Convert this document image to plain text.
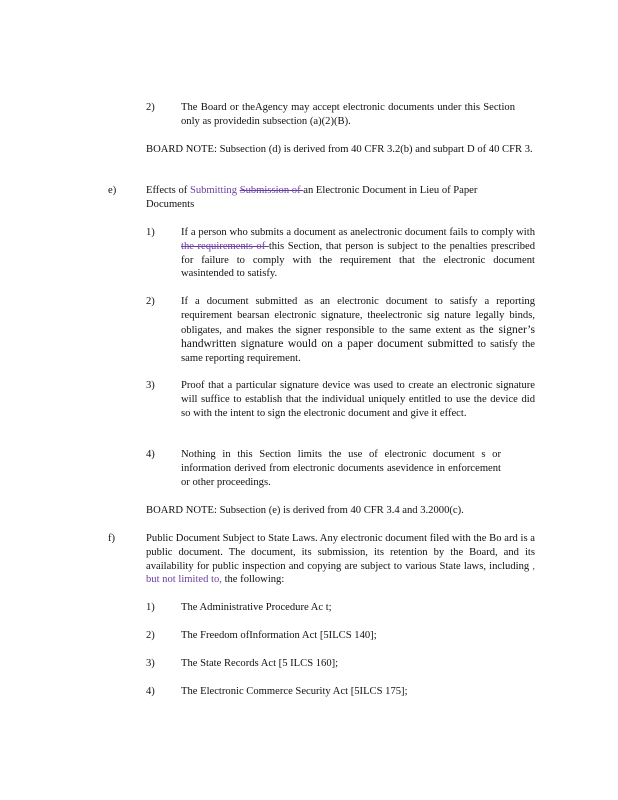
2) The Board or theAgency may accept electronic documents under this Section only as providedin subsection (a)(2)(B).
BOARD NOTE: Subsection (d) is derived from 40 CFR 3.2(b) and subpart D of 40 CFR 3.
e)	Effects of Submitting Submission of an Electronic Document in Lieu of Paper Documents
1) If a person who submits a document as anelectronic document fails to comply with the requirements of this Section, that person is subject to the penalties prescribed for failure to comply with the requirement that the electronic document wasintended to satisfy.
2) If a document submitted as an electronic document to satisfy a reporting requirement bearsan electronic signature, theelectronic sig nature legally binds, obligates, and makes the signer responsible to the same extent as the signer’s handwritten signature would on a paper document submitted to satisfy the same reporting requirement.
3) Proof that a particular signature device was used to create an electronic signature will suffice to establish that the individual uniquely entitled to use the device did so with the intent to sign the electronic document and give it effect.
4) Nothing in this Section limits the use of electronic document s or information derived from electronic documents asevidence in enforcement or other proceedings.
BOARD NOTE: Subsection (e) is derived from 40 CFR 3.4 and 3.2000(c).
f)	Public Document Subject to State Laws. Any electronic document filed with the Bo ard is a public document. The document, its submission, its retention by the Board, and its availability for public inspection and copying are subject to various State laws, including , but not limited to, the following:
1) The Administrative Procedure Ac t;
2) The Freedom ofInformation Act [5ILCS 140];
3) The State Records Act [5 ILCS 160];
4) The Electronic Commerce Security Act [5ILCS 175];
